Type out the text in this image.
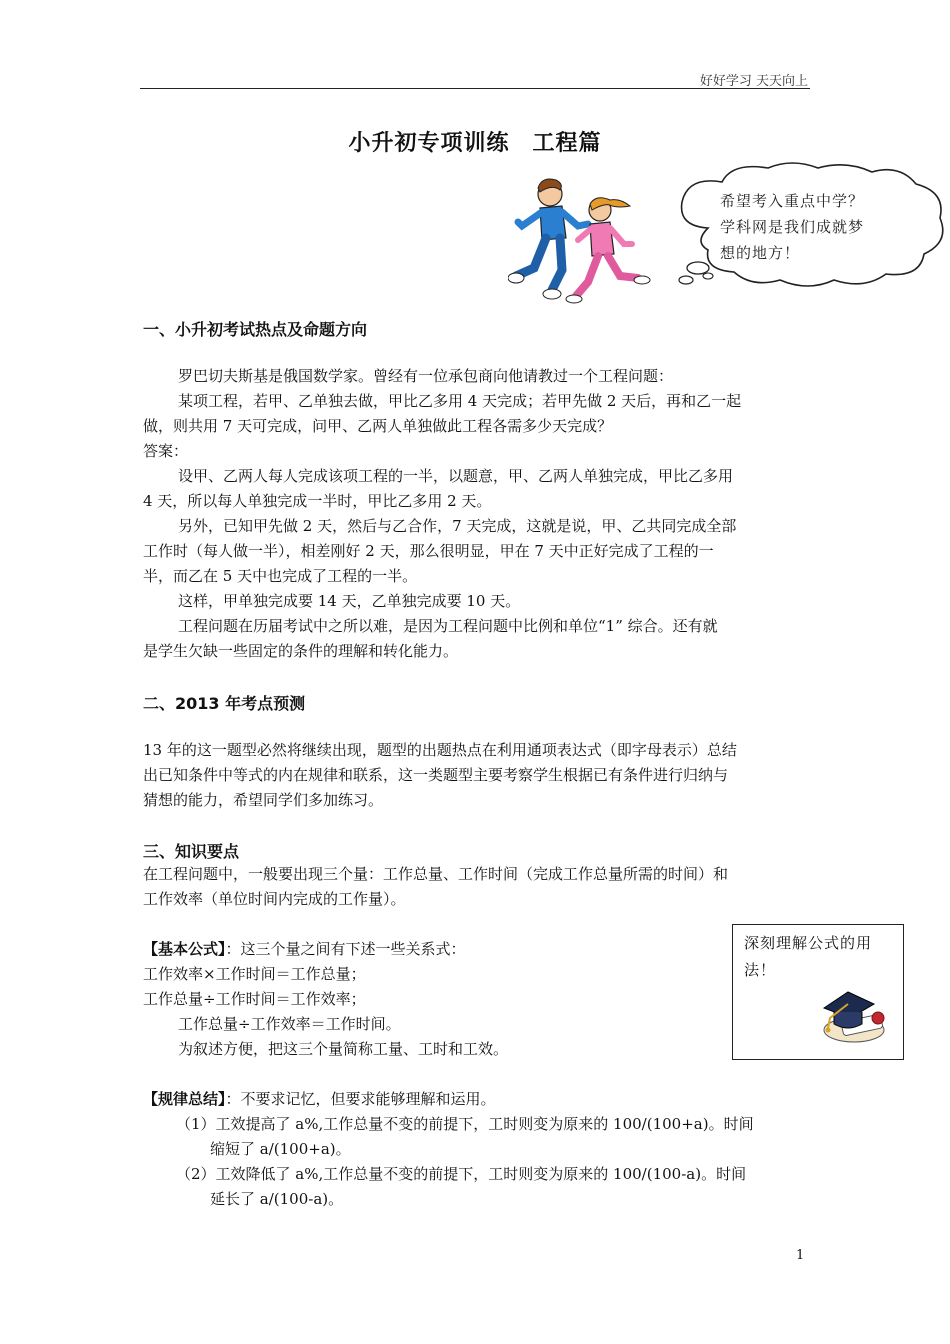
好好学习 天天向上
小升初专项训练　工程篇
希望考入重点中学？
学科网是我们成就梦
想的地方！
一、小升初考试热点及命题方向
罗巴切夫斯基是俄国数学家。曾经有一位承包商向他请教过一个工程问题：
某项工程，若甲、乙单独去做，甲比乙多用 4 天完成；若甲先做 2 天后，再和乙一起
做，则共用 7 天可完成，问甲、乙两人单独做此工程各需多少天完成？
答案：
设甲、乙两人每人完成该项工程的一半，以题意，甲、乙两人单独完成，甲比乙多用
4 天，所以每人单独完成一半时，甲比乙多用 2 天。
另外，已知甲先做 2 天，然后与乙合作，7 天完成，这就是说，甲、乙共同完成全部
工作时（每人做一半），相差刚好 2 天，那么很明显，甲在 7 天中正好完成了工程的一
半，而乙在 5 天中也完成了工程的一半。
这样，甲单独完成要 14 天，乙单独完成要 10 天。
工程问题在历届考试中之所以难，是因为工程问题中比例和单位“1” 综合。还有就
是学生欠缺一些固定的条件的理解和转化能力。
二、2013 年考点预测
13 年的这一题型必然将继续出现，题型的出题热点在利用通项表达式（即字母表示）总结
出已知条件中等式的内在规律和联系，这一类题型主要考察学生根据已有条件进行归纳与
猜想的能力，希望同学们多加练习。
三、知识要点
在工程问题中，一般要出现三个量：工作总量、工作时间（完成工作总量所需的时间）和
工作效率（单位时间内完成的工作量）。
【基本公式】：这三个量之间有下述一些关系式：
工作效率×工作时间＝工作总量；
工作总量÷工作时间＝工作效率；
工作总量÷工作效率＝工作时间。
为叙述方便，把这三个量简称工量、工时和工效。
深刻理解公式的用
法！
【规律总结】：不要求记忆，但要求能够理解和运用。
（1）工效提高了 a%,工作总量不变的前提下，工时则变为原来的 100/(100+a)。时间
缩短了 a/(100+a)。
（2）工效降低了 a%,工作总量不变的前提下，工时则变为原来的 100/(100-a)。时间
延长了 a/(100-a)。
1
